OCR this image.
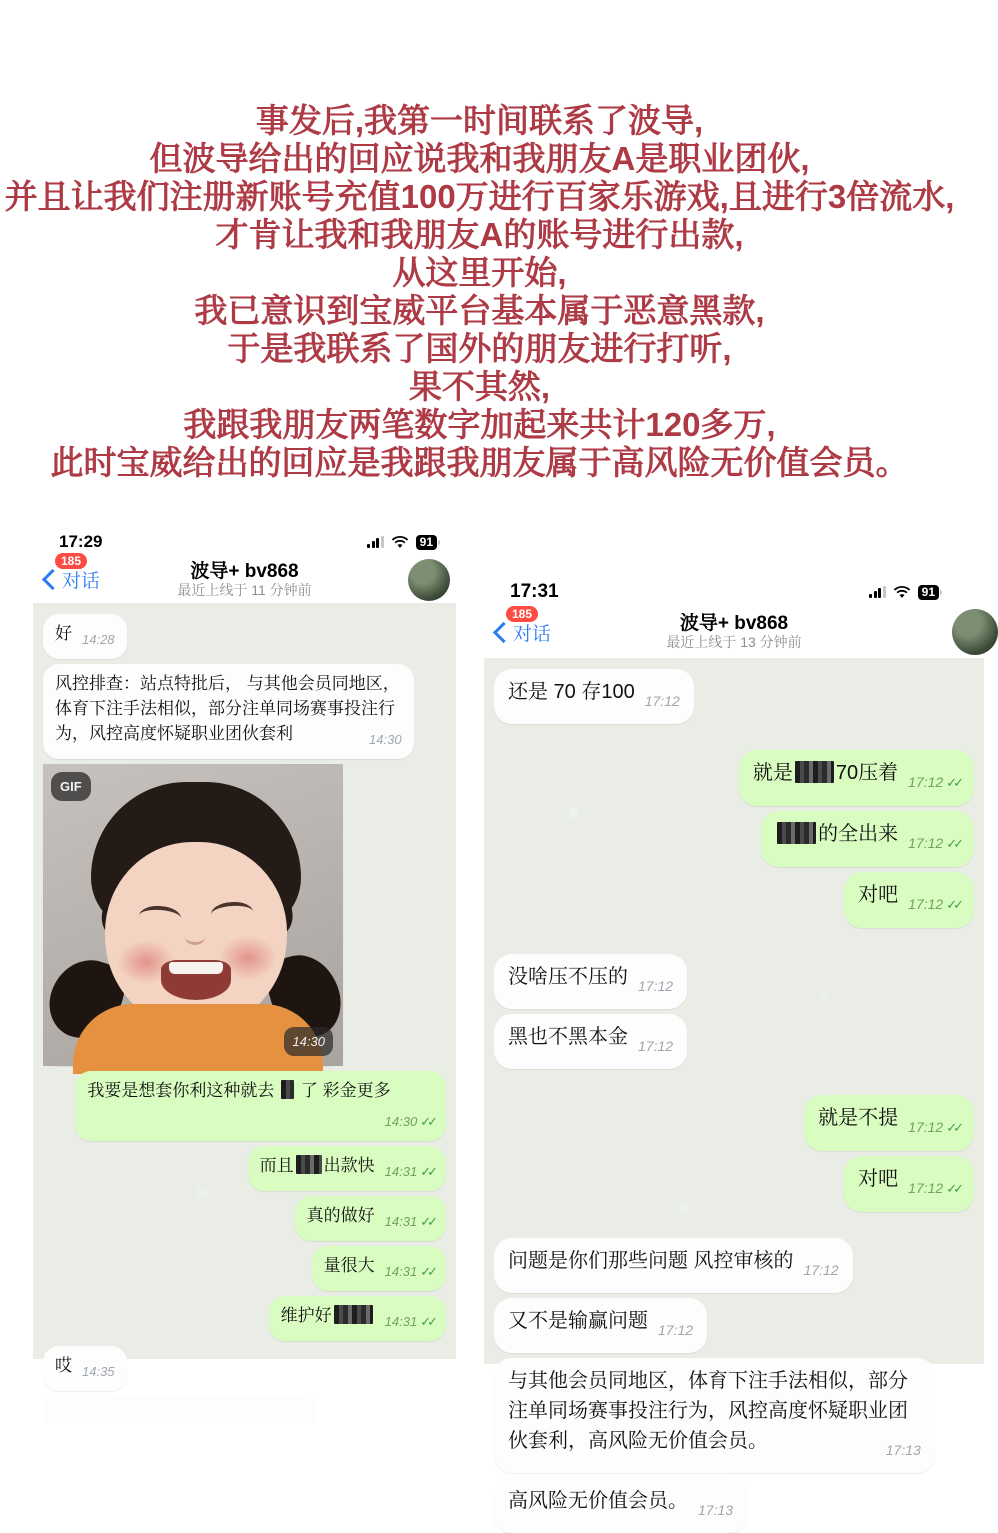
事发后,我第一时间联系了波导,
但波导给出的回应说我和我朋友A是职业团伙,
并且让我们注册新账号充值100万进行百家乐游戏,且进行3倍流水,
才肯让我和我朋友A的账号进行出款,
从这里开始,
我已意识到宝威平台基本属于恶意黑款,
于是我联系了国外的朋友进行打听,
果不其然,
我跟我朋友两笔数字加起来共计120多万,
此时宝威给出的回应是我跟我朋友属于高风险无价值会员。
17:29	91
185
对话	波导+ bv868
最近上线于 11 分钟前
好 14:28
风控排查：站点特批后， 与其他会员同地区，体育下注手法相似，部分注单同场赛事投注行为，风控高度怀疑职业团伙套利	14:30
GIF
14:30
我要是想套你利这种就去  了 彩金更多
14:30 ✓✓
而且 出款快 14:31 ✓✓
真的做好 14:31 ✓✓
量很大 14:31 ✓✓
维护好	14:31 ✓✓
哎 14:35
17:31	91
185
对话	波导+ bv868
最近上线于 13 分钟前
还是 70 存100 17:12
就是 70压着 17:12 ✓✓
的全出来 17:12 ✓✓
对吧 17:12 ✓✓
没啥压不压的 17:12
黑也不黑本金 17:12
就是不提 17:12 ✓✓
对吧 17:12 ✓✓
问题是你们那些问题 风控审核的 17:12
又不是输赢问题 17:12
与其他会员同地区，体育下注手法相似，部分注单同场赛事投注行为，风控高度怀疑职业团伙套利，高风险无价值会员。	17:13
高风险无价值会员。 17:13
